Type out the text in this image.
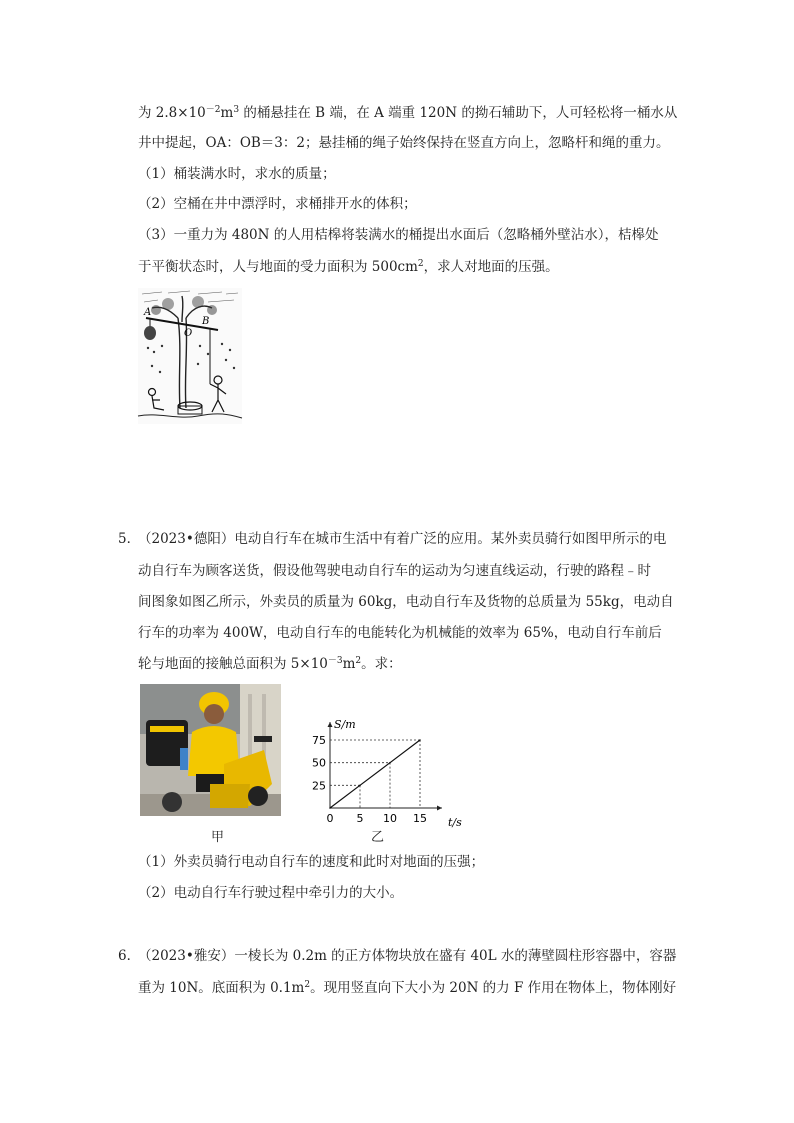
为 $2.8\times 10^{-2}m^3$ 的桶悬挂在 B 端，在 A 端重 120N 的拗石辅助下，人可轻松将一桶水从
井中提起，OA：OB＝3：2；悬挂桶的绳子始终保持在竖直方向上，忽略杆和绳的重力。
（1）桶装满水时，求水的质量；
（2）空桶在井中漂浮时，求桶排开水的体积；
（3）一重力为 480N 的人用桔槔将装满水的桶提出水面后（忽略桶外壁沾水），桔槔处
于平衡状态时，人与地面的受力面积为 $500cm^2$，求人对地面的压强。
A
B
O
5．
（2023•德阳）电动自行车在城市生活中有着广泛的应用。某外卖员骑行如图甲所示的电
动自行车为顾客送货，假设他驾驶电动自行车的运动为匀速直线运动，行驶的路程﹣时
间图象如图乙所示，外卖员的质量为 60kg，电动自行车及货物的总质量为 55kg，电动自
行车的功率为 400W，电动自行车的电能转化为机械能的效率为 65%，电动自行车前后
轮与地面的接触总面积为 $5\times 10^{-3}m^2$。求：
甲
t/s
S/m
0 5 10 15
25
50
75
乙
（1）外卖员骑行电动自行车的速度和此时对地面的压强；
（2）电动自行车行驶过程中牵引力的大小。
6．
（2023•雅安）一棱长为 0.2m 的正方体物块放在盛有 40L 水的薄壁圆柱形容器中，容器
重为 10N。底面积为 $0.1m^2$。现用竖直向下大小为 20N 的力 F 作用在物体上，物体刚好
